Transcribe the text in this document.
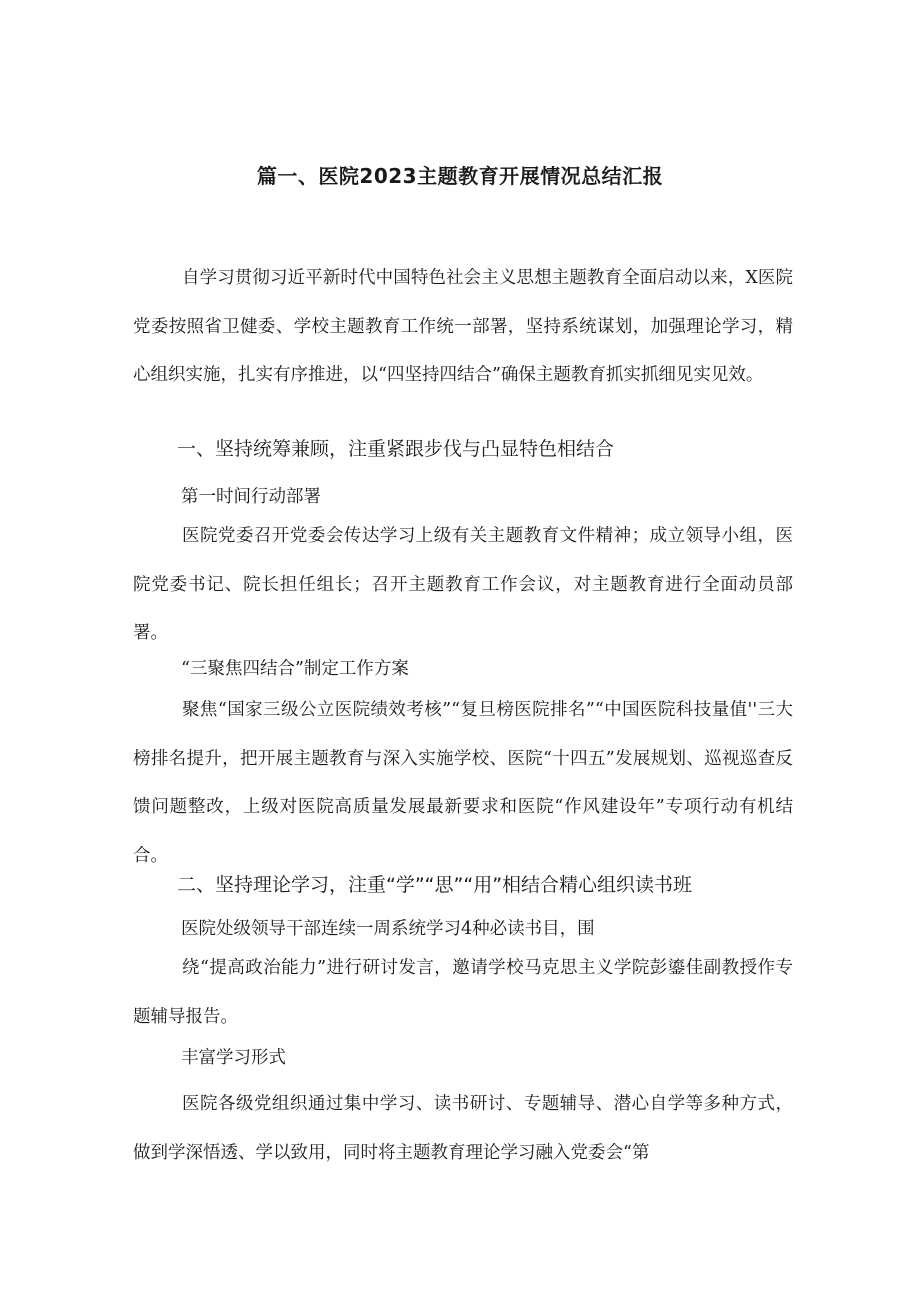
篇一、医院2023主题教育开展情况总结汇报

自学习贯彻习近平新时代中国特色社会主义思想主题教育全面启动以来，X医院党委按照省卫健委、学校主题教育工作统一部署，坚持系统谋划，加强理论学习，精心组织实施，扎实有序推进，以“四坚持四结合”确保主题教育抓实抓细见实见效。

一、坚持统筹兼顾，注重紧跟步伐与凸显特色相结合

第一时间行动部署

医院党委召开党委会传达学习上级有关主题教育文件精神；成立领导小组，医院党委书记、院长担任组长；召开主题教育工作会议，对主题教育进行全面动员部署。

“三聚焦四结合”制定工作方案

聚焦“国家三级公立医院绩效考核”“复旦榜医院排名”“中国医院科技量值''三大榜排名提升，把开展主题教育与深入实施学校、医院“十四五”发展规划、巡视巡查反馈问题整改，上级对医院高质量发展最新要求和医院“作风建设年”专项行动有机结合。

二、坚持理论学习，注重“学”“思”“用”相结合精心组织读书班

医院处级领导干部连续一周系统学习4种必读书目，围

绕“提高政治能力”进行研讨发言，邀请学校马克思主义学院彭鎏佳副教授作专题辅导报告。

丰富学习形式

医院各级党组织通过集中学习、读书研讨、专题辅导、潜心自学等多种方式，做到学深悟透、学以致用，同时将主题教育理论学习融入党委会“第
